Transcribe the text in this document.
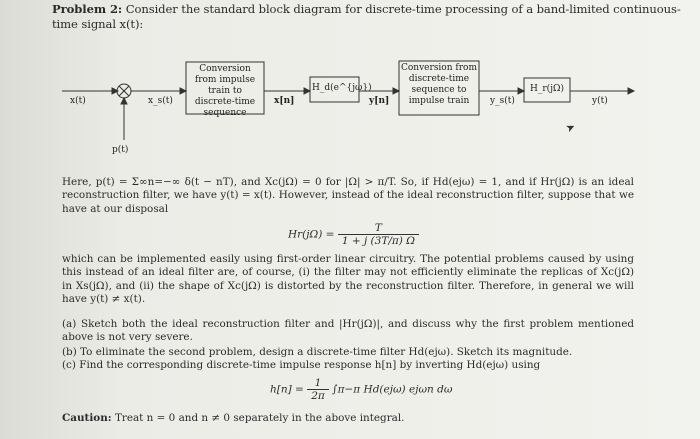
Problem 2: Consider the standard block diagram for discrete-time processing of a band-limited continuous-time signal x(t):
x(t)	x_s(t)
p(t)
Conversion from impulse train to discrete-time sequence
x[n]
H_d(e^{jω})
y[n]
Conversion from discrete-time sequence to impulse train	y_s(t)
H_r(jΩ)
y(t)
➤
Here, p(t) = Σ∞n=−∞ δ(t − nT), and Xc(jΩ) = 0 for |Ω| > π/T. So, if Hd(ejω) = 1, and if Hr(jΩ) is an ideal reconstruction filter, we have y(t) = x(t). However, instead of the ideal reconstruction filter, suppose that we have at our disposal
$Hr(j\Omega) = \frac{T}{1 + j (3T/\pi) \Omega}$
which can be implemented easily using first-order linear circuitry. The potential problems caused by using this instead of an ideal filter are, of course, (i) the filter may not efficiently eliminate the replicas of Xc(jΩ) in Xs(jΩ), and (ii) the shape of Xc(jΩ) is distorted by the reconstruction filter. Therefore, in general we will have y(t) ≠ x(t).
(a) Sketch both the ideal reconstruction filter and |Hr(jΩ)|, and discuss why the first problem mentioned above is not very severe.
(b) To eliminate the second problem, design a discrete-time filter Hd(ejω). Sketch its magnitude.
(c) Find the corresponding discrete-time impulse response h[n] by inverting Hd(ejω) using
$h[n] = \frac{1}{2\pi} \int\pi-\pi$ Hd(ejω) ejωn dω
Caution: Treat n = 0 and n ≠ 0 separately in the above integral.
